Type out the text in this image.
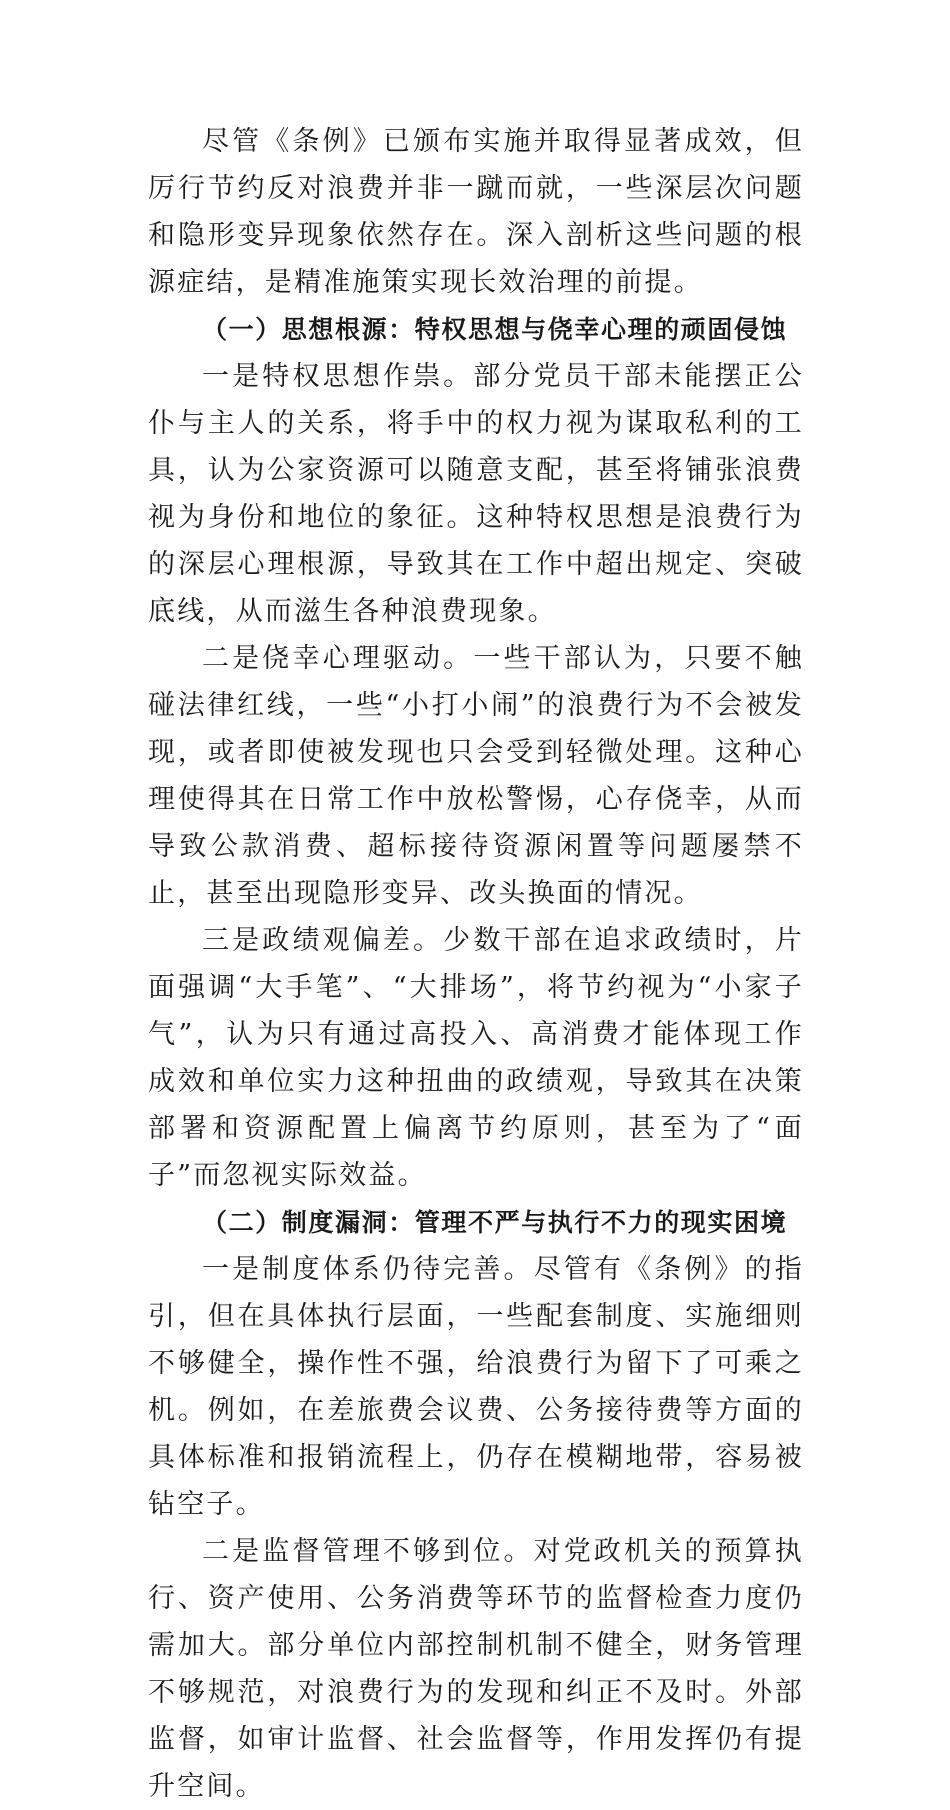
尽管《条例》已颁布实施并取得显著成效，但厉行节约反对浪费并非一蹴而就，一些深层次问题和隐形变异现象依然存在。深入剖析这些问题的根源症结，是精准施策实现长效治理的前提。

（一）思想根源：特权思想与侥幸心理的顽固侵蚀

一是特权思想作祟。部分党员干部未能摆正公仆与主人的关系，将手中的权力视为谋取私利的工具，认为公家资源可以随意支配，甚至将铺张浪费视为身份和地位的象征。这种特权思想是浪费行为的深层心理根源，导致其在工作中超出规定、突破底线，从而滋生各种浪费现象。

二是侥幸心理驱动。一些干部认为，只要不触碰法律红线，一些“小打小闹”的浪费行为不会被发现，或者即使被发现也只会受到轻微处理。这种心理使得其在日常工作中放松警惕，心存侥幸，从而导致公款消费、超标接待资源闲置等问题屡禁不止，甚至出现隐形变异、改头换面的情况。

三是政绩观偏差。少数干部在追求政绩时，片面强调“大手笔”、“大排场”，将节约视为“小家子气”，认为只有通过高投入、高消费才能体现工作成效和单位实力这种扭曲的政绩观，导致其在决策部署和资源配置上偏离节约原则，甚至为了“面子”而忽视实际效益。

（二）制度漏洞：管理不严与执行不力的现实困境

一是制度体系仍待完善。尽管有《条例》的指引，但在具体执行层面，一些配套制度、实施细则不够健全，操作性不强，给浪费行为留下了可乘之机。例如，在差旅费会议费、公务接待费等方面的具体标准和报销流程上，仍存在模糊地带，容易被钻空子。

二是监督管理不够到位。对党政机关的预算执行、资产使用、公务消费等环节的监督检查力度仍需加大。部分单位内部控制机制不健全，财务管理不够规范，对浪费行为的发现和纠正不及时。外部监督，如审计监督、社会监督等，作用发挥仍有提升空间。
